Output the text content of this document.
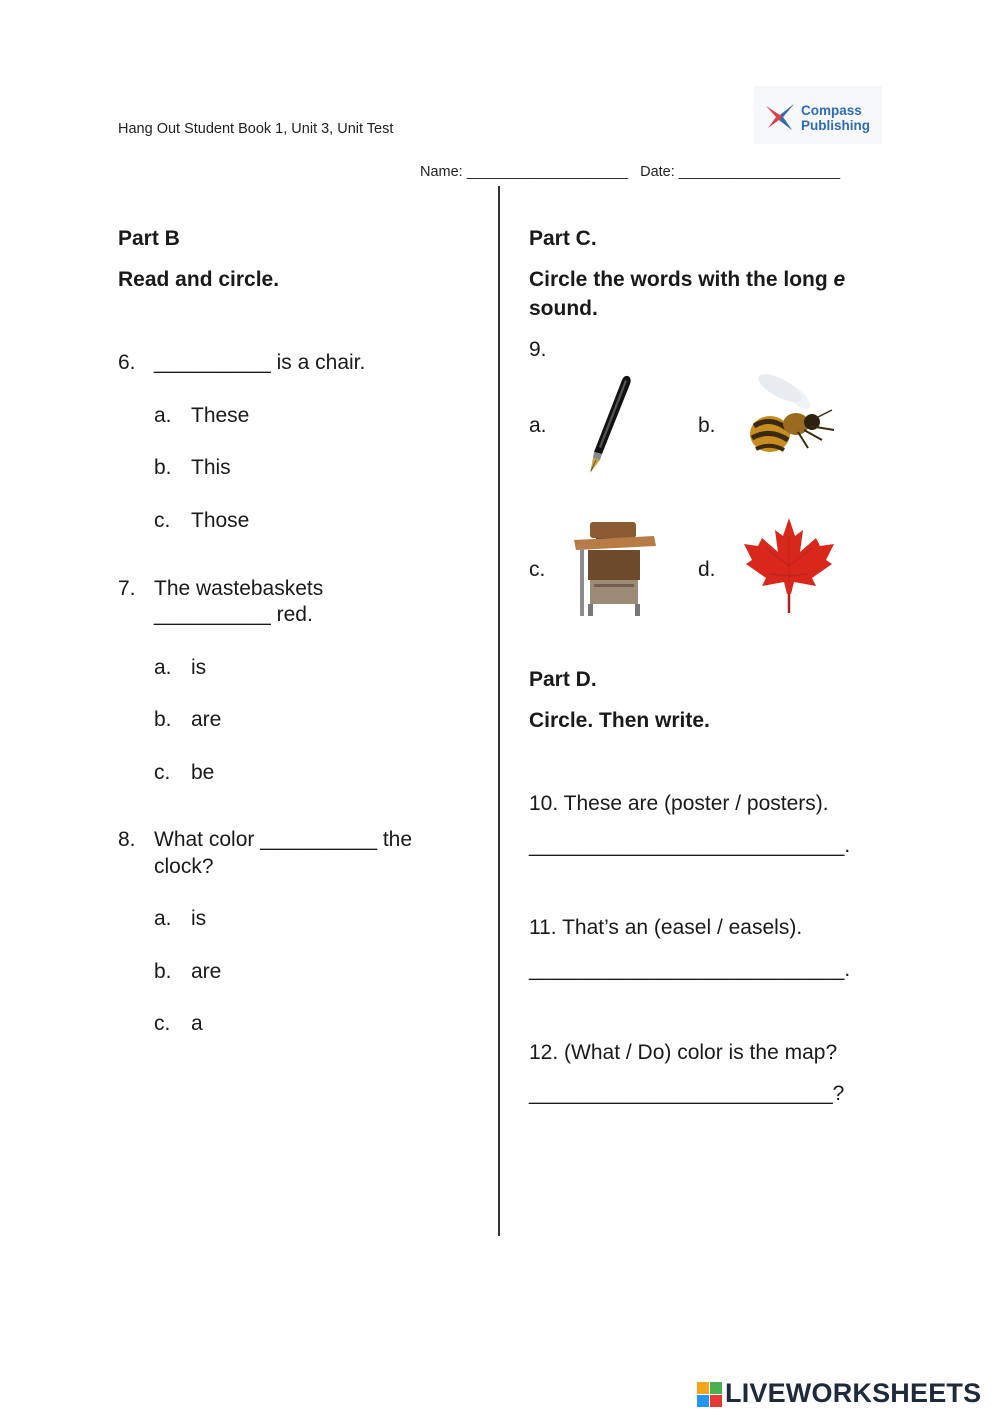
Hang Out Student Book 1, Unit 3, Unit Test
Compass
Publishing
Name: ____________________   Date: ____________________
Part B
Read and circle.
6. __________ is a chair.
a. These
b. This
c. Those
7. The wastebaskets
__________ red.
a. is
b. are
c. be
8. What color __________ the
clock?
a. is
b. are
c. a
Part C.
Circle the words with the long e
sound.
9.
a.	b.
c.	d.
Part D.
Circle. Then write.
10. These are (poster / posters).
___________________________.
11. That’s an (easel / easels).
___________________________.
12. (What / Do) color is the map?
__________________________?
LIVEWORKSHEETS
